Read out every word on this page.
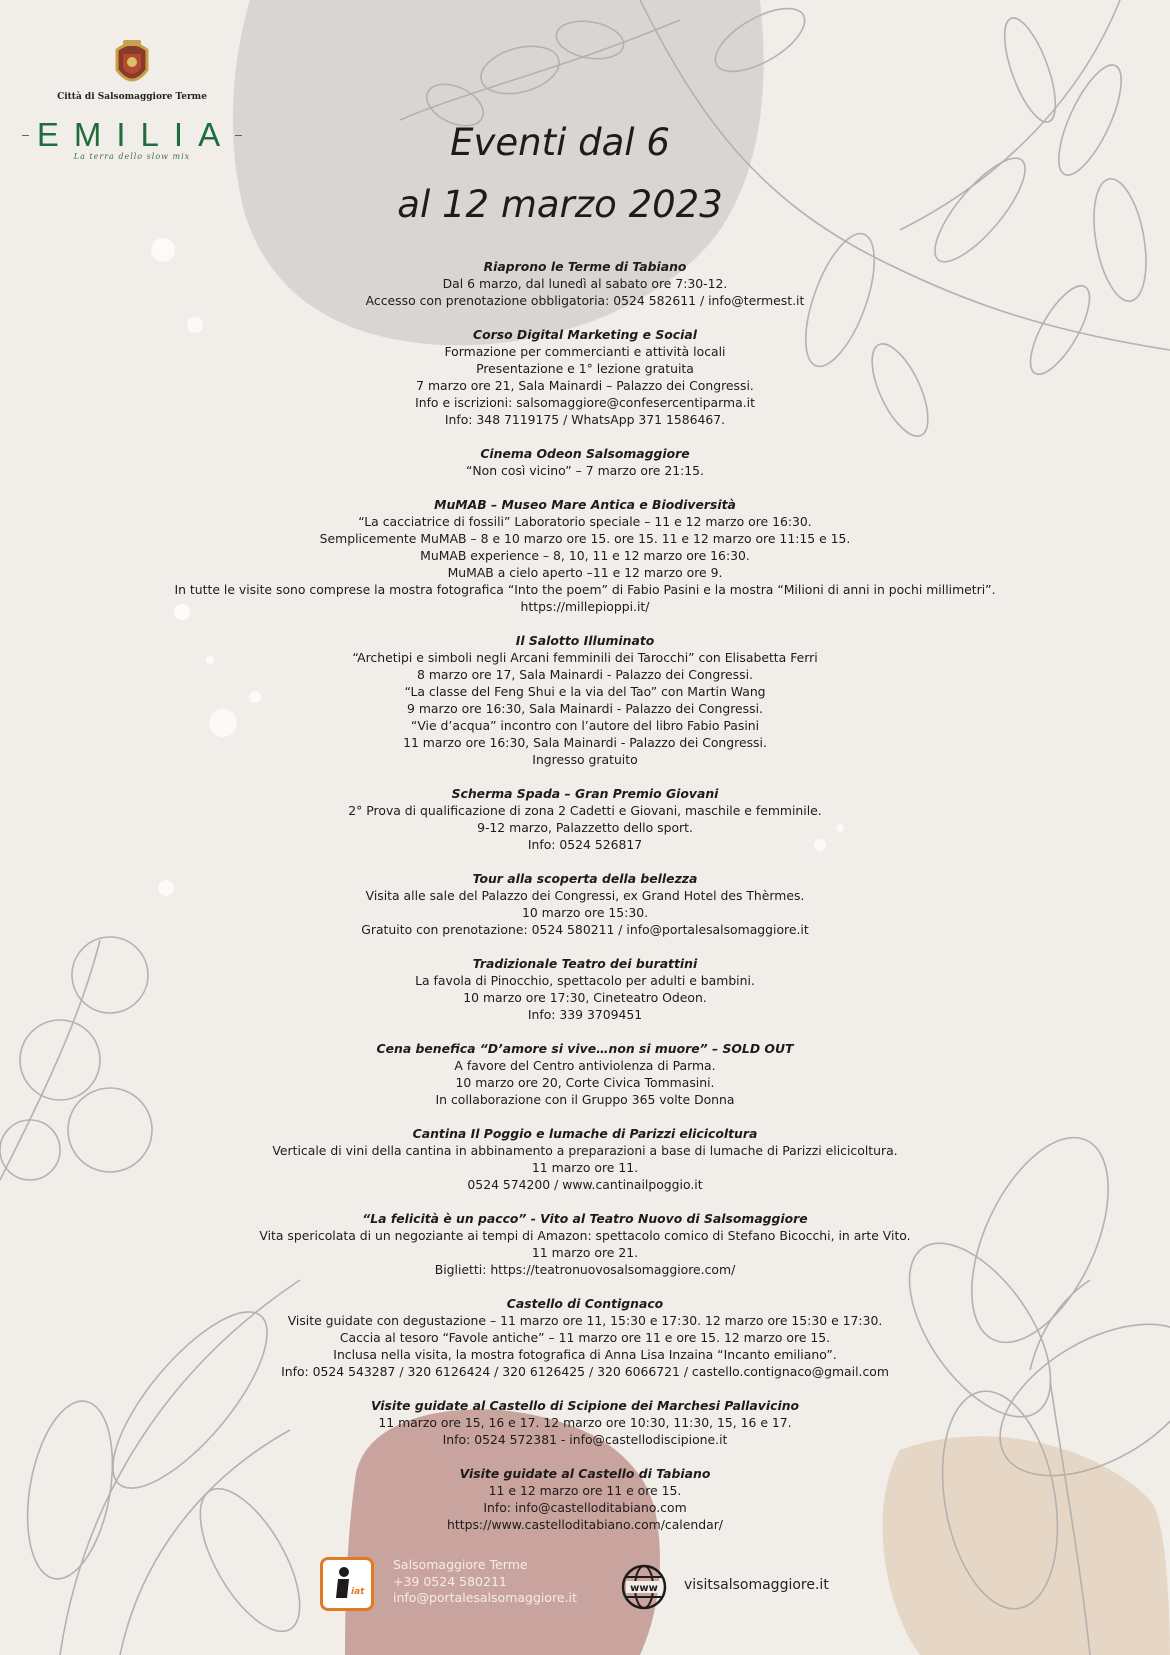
Città di Salsomaggiore Terme
EMILIA
La terra dello slow mix	Eventi dal 6
al 12 marzo 2023
Riaprono le Terme di Tabiano
Dal 6 marzo, dal lunedì al sabato ore 7:30-12.
Accesso con prenotazione obbligatoria: 0524 582611 / info@termest.it
Corso Digital Marketing e Social
Formazione per commercianti e attività locali
Presentazione e 1° lezione gratuita
7 marzo ore 21, Sala Mainardi – Palazzo dei Congressi.
Info e iscrizioni: salsomaggiore@confesercentiparma.it
Info: 348 7119175 / WhatsApp 371 1586467.
Cinema Odeon Salsomaggiore
“Non così vicino” – 7 marzo ore 21:15.
MuMAB – Museo Mare Antica e Biodiversità
“La cacciatrice di fossili” Laboratorio speciale – 11 e 12 marzo ore 16:30.
Semplicemente MuMAB – 8 e 10 marzo ore 15. ore 15. 11 e 12 marzo ore 11:15 e 15.
MuMAB experience – 8, 10, 11 e 12 marzo ore 16:30.
MuMAB a cielo aperto –11 e 12 marzo ore 9.
In tutte le visite sono comprese la mostra fotografica “Into the poem” di Fabio Pasini e la mostra “Milioni di anni in pochi millimetri”.
https://millepioppi.it/
Il Salotto Illuminato
“Archetipi e simboli negli Arcani femminili dei Tarocchi” con Elisabetta Ferri
8 marzo ore 17, Sala Mainardi - Palazzo dei Congressi.
“La classe del Feng Shui e la via del Tao” con Martin Wang
9 marzo ore 16:30, Sala Mainardi - Palazzo dei Congressi.
“Vie d’acqua” incontro con l’autore del libro Fabio Pasini
11 marzo ore 16:30, Sala Mainardi - Palazzo dei Congressi.
Ingresso gratuito
Scherma Spada – Gran Premio Giovani
2° Prova di qualificazione di zona 2 Cadetti e Giovani, maschile e femminile.
9-12 marzo, Palazzetto dello sport.
Info: 0524 526817
Tour alla scoperta della bellezza
Visita alle sale del Palazzo dei Congressi, ex Grand Hotel des Thèrmes.
10 marzo ore 15:30.
Gratuito con prenotazione: 0524 580211 / info@portalesalsomaggiore.it
Tradizionale Teatro dei burattini
La favola di Pinocchio, spettacolo per adulti e bambini.
10 marzo ore 17:30, Cineteatro Odeon.
Info: 339 3709451
Cena benefica “D’amore si vive…non si muore” – SOLD OUT
A favore del Centro antiviolenza di Parma.
10 marzo ore 20, Corte Civica Tommasini.
In collaborazione con il Gruppo 365 volte Donna
Cantina Il Poggio e lumache di Parizzi elicicoltura
Verticale di vini della cantina in abbinamento a preparazioni a base di lumache di Parizzi elicicoltura.
11 marzo ore 11.
0524 574200 / www.cantinailpoggio.it
“La felicità è un pacco” - Vito al Teatro Nuovo di Salsomaggiore
Vita spericolata di un negoziante ai tempi di Amazon: spettacolo comico di Stefano Bicocchi, in arte Vito.
11 marzo ore 21.
Biglietti: https://teatronuovosalsomaggiore.com/
Castello di Contignaco
Visite guidate con degustazione – 11 marzo ore 11, 15:30 e 17:30. 12 marzo ore 15:30 e 17:30.
Caccia al tesoro “Favole antiche” – 11 marzo ore 11 e ore 15. 12 marzo ore 15.
Inclusa nella visita, la mostra fotografica di Anna Lisa Inzaina “Incanto emiliano”.
Info: 0524 543287 / 320 6126424 / 320 6126425 / 320 6066721 / castello.contignaco@gmail.com
Visite guidate al Castello di Scipione dei Marchesi Pallavicino
11 marzo ore 15, 16 e 17. 12 marzo ore 10:30, 11:30, 15, 16 e 17.
Info: 0524 572381 - info@castellodiscipione.it
Visite guidate al Castello di Tabiano
11 e 12 marzo ore 11 e ore 15.
Info: info@castelloditabiano.com
https://www.castelloditabiano.com/calendar/
iat
Salsomaggiore Terme
+39 0524 580211
info@portalesalsomaggiore.it
www visitsalsomaggiore.it
